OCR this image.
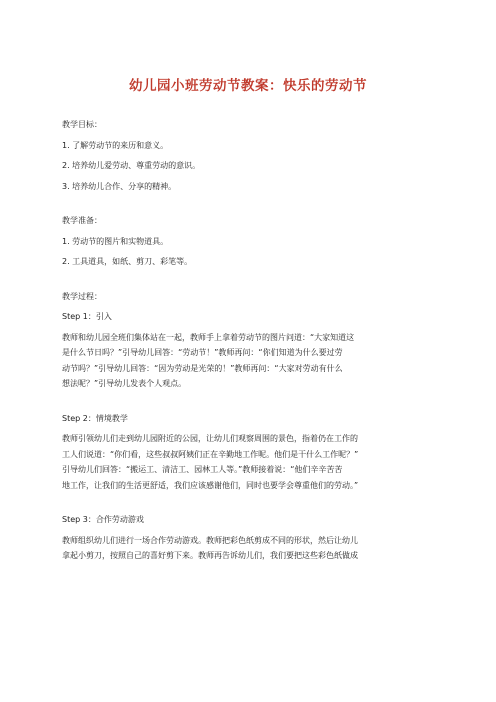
幼儿园小班劳动节教案：快乐的劳动节

教学目标：

1. 了解劳动节的来历和意义。

2. 培养幼儿爱劳动、尊重劳动的意识。

3. 培养幼儿合作、分享的精神。

教学准备：

1. 劳动节的图片和实物道具。

2. 工具道具，如纸、剪刀、彩笔等。

教学过程：

Step 1：引入

教师和幼儿园全班们集体站在一起，教师手上拿着劳动节的图片问道：“大家知道这

是什么节日吗？”引导幼儿回答：“劳动节！”教师再问：“你们知道为什么要过劳

动节吗？”引导幼儿回答：“因为劳动是光荣的！”教师再问：“大家对劳动有什么

想法呢？”引导幼儿发表个人观点。

Step 2：情境教学

教师引领幼儿们走到幼儿园附近的公园，让幼儿们观察周围的景色，指着仍在工作的

工人们说道：“你们看，这些叔叔阿姨们正在辛勤地工作呢。他们是干什么工作呢？”

引导幼儿们回答：“搬运工、清洁工、园林工人等。”教师接着说：“他们辛辛苦苦

地工作，让我们的生活更舒适，我们应该感谢他们，同时也要学会尊重他们的劳动。”

Step 3：合作劳动游戏

教师组织幼儿们进行一场合作劳动游戏。教师把彩色纸剪成不同的形状，然后让幼儿

拿起小剪刀，按照自己的喜好剪下来。教师再告诉幼儿们，我们要把这些彩色纸做成
